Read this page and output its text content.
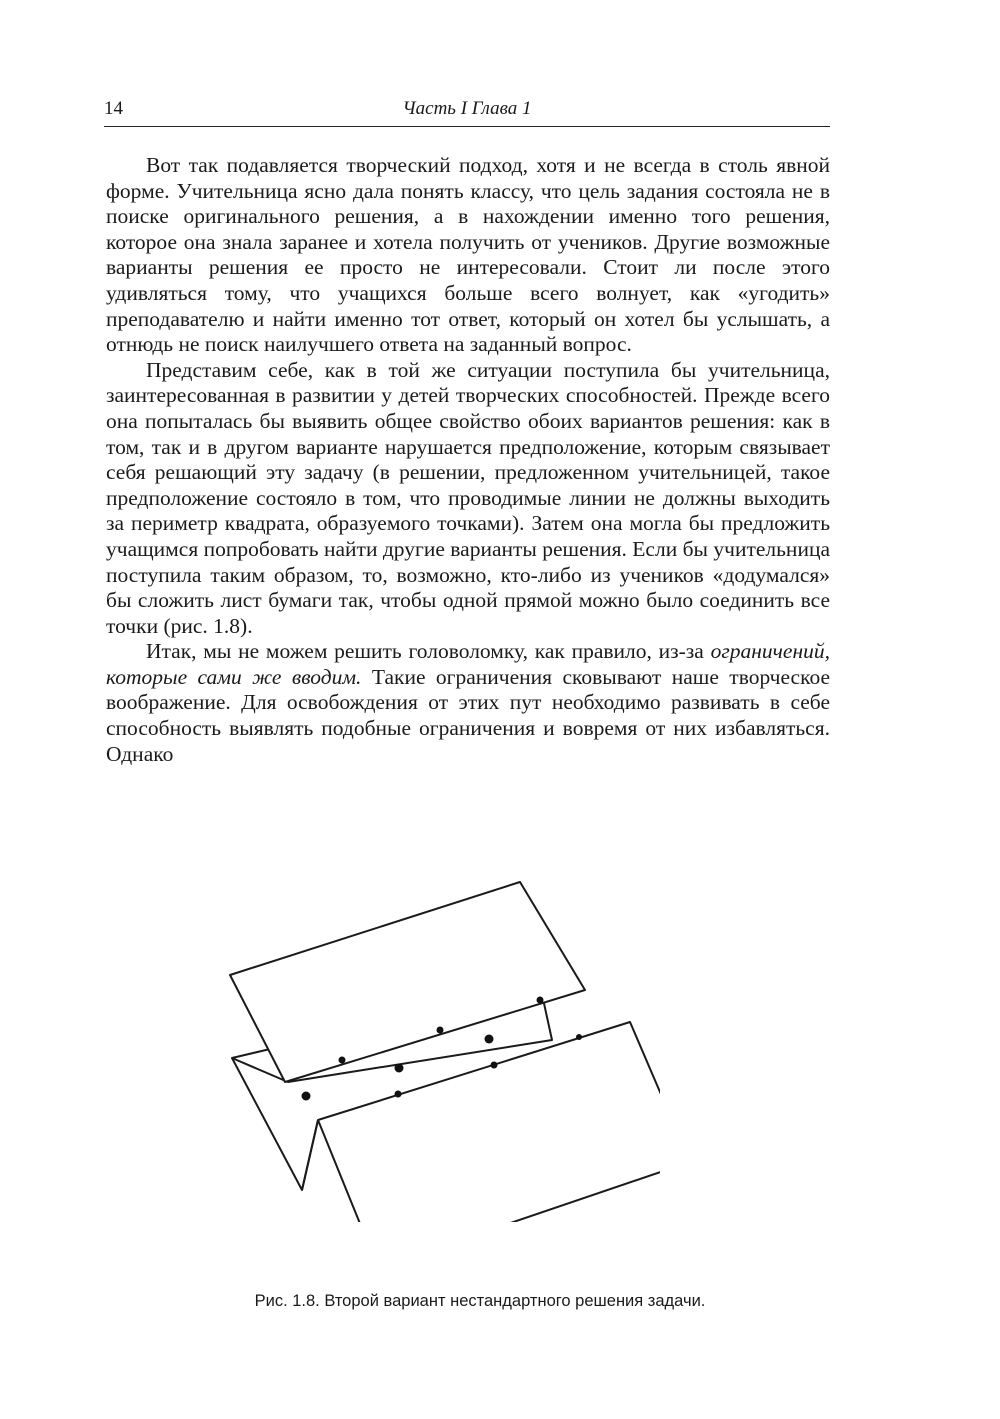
14	Часть I Глава 1

Вот так подавляется творческий подход, хотя и не всегда в столь явной форме. Учительница ясно дала понять классу, что цель задания состояла не в поиске оригинального решения, а в нахождении именно того решения, которое она знала заранее и хотела получить от учеников. Другие возможные варианты решения ее просто не интересовали. Стоит ли после этого удивляться тому, что учащихся больше всего волнует, как «угодить» преподавателю и найти именно тот ответ, который он хотел бы услышать, а отнюдь не поиск наилучшего ответа на заданный вопрос.

Представим себе, как в той же ситуации поступила бы учительница, заинтересованная в развитии у детей творческих способностей. Прежде всего она попыталась бы выявить общее свойство обоих вариантов решения: как в том, так и в другом варианте нарушается предположение, которым связывает себя решающий эту задачу (в решении, предложенном учительницей, такое предположение состояло в том, что проводимые линии не должны выходить за периметр квадрата, образуемого точками). Затем она могла бы предложить учащимся попробовать найти другие варианты решения. Если бы учительница поступила таким образом, то, возможно, кто-либо из учеников «додумался» бы сложить лист бумаги так, чтобы одной прямой можно было соединить все точки (рис. 1.8).

Итак, мы не можем решить головоломку, как правило, из-за ограничений, которые сами же вводим. Такие ограничения сковывают наше творческое воображение. Для освобождения от этих пут необходимо развивать в себе способность выявлять подобные ограничения и вовремя от них избавляться. Однако

Рис. 1.8. Второй вариант нестандартного решения задачи.
